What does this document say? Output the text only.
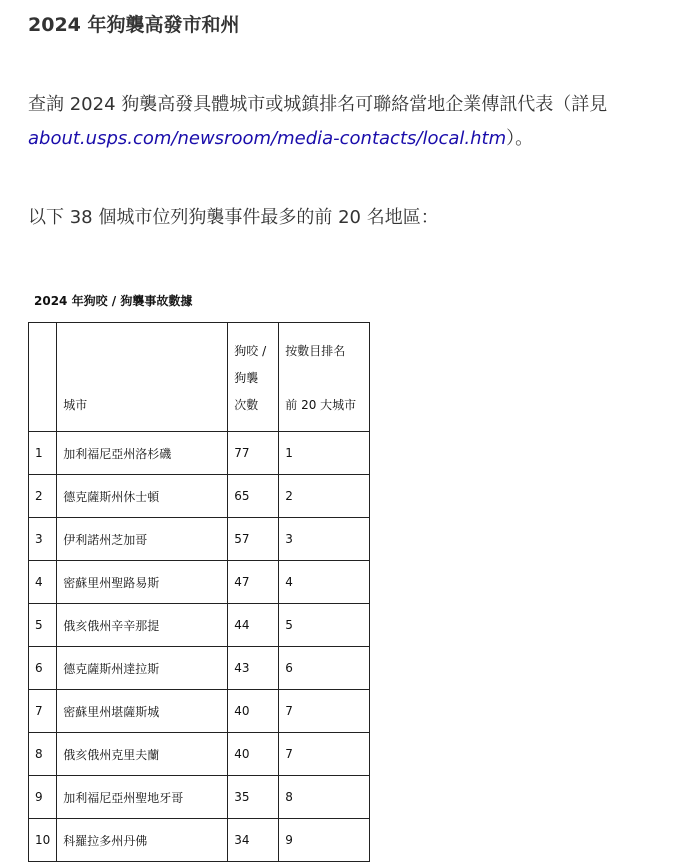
2024 年狗襲高發市和州
查詢 2024 狗襲高發具體城市或城鎮排名可聯絡當地企業傳訊代表（詳見
about.usps.com/newsroom/media-contacts/local.htm）。
以下 38 個城市位列狗襲事件最多的前 20 名地區：
2024 年狗咬 / 狗襲事故數據
	城市	狗咬 /
狗襲
次數	按數目排名

前 20 大城市
1	加利福尼亞州洛杉磯	77	1
2	德克薩斯州休士頓	65	2
3	伊利諾州芝加哥	57	3
4	密蘇里州聖路易斯	47	4
5	俄亥俄州辛辛那提	44	5
6	德克薩斯州達拉斯	43	6
7	密蘇里州堪薩斯城	40	7
8	俄亥俄州克里夫蘭	40	7
9	加利福尼亞州聖地牙哥	35	8
10	科羅拉多州丹佛	34	9
